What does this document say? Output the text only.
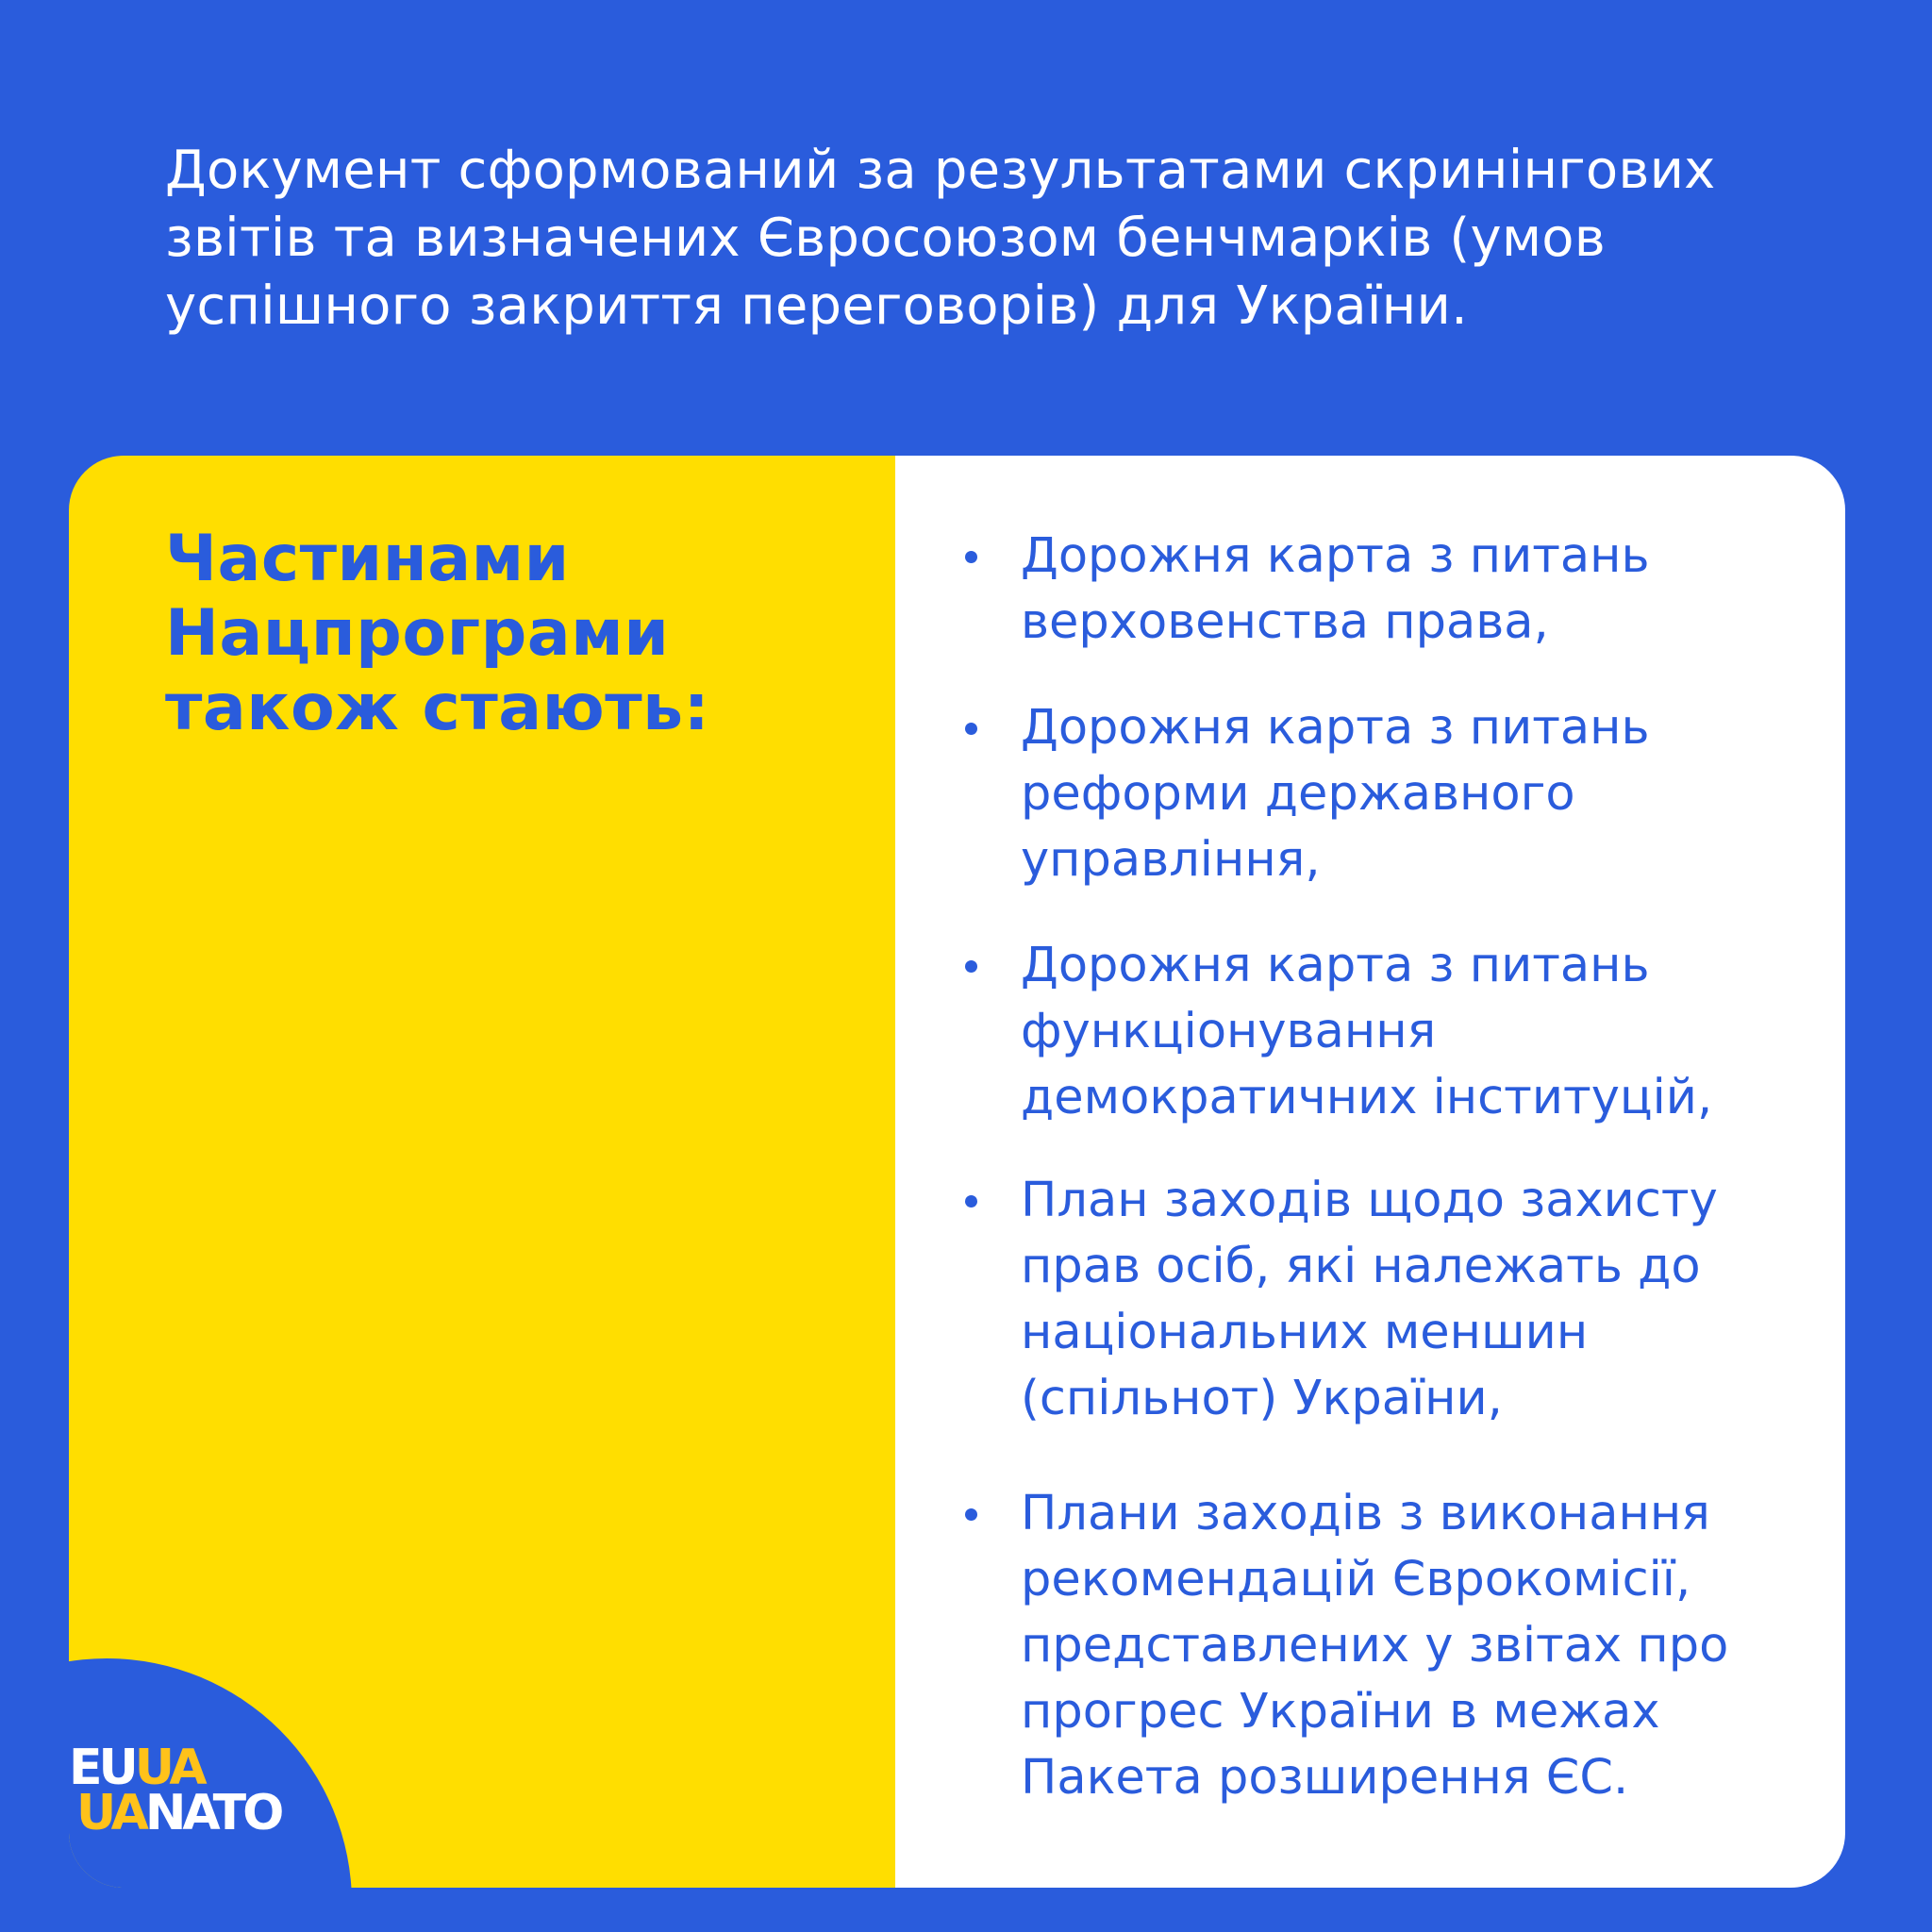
Документ сформований за результатами скринінгових звітів та визначених Євросоюзом бенчмарків (умов успішного закриття переговорів) для України.

Частинами Нацпрограми також стають:
EUUA
UANATO
Дорожня карта з питань верховенства права,
Дорожня карта з питань реформи державного управління,
Дорожня карта з питань функціонування демократичних інституцій,
План заходів щодо захисту прав осіб, які належать до національних меншин (спільнот) України,
Плани заходів з виконання рекомендацій Єврокомісії, представлених у звітах про прогрес України в межах Пакета розширення ЄС.
